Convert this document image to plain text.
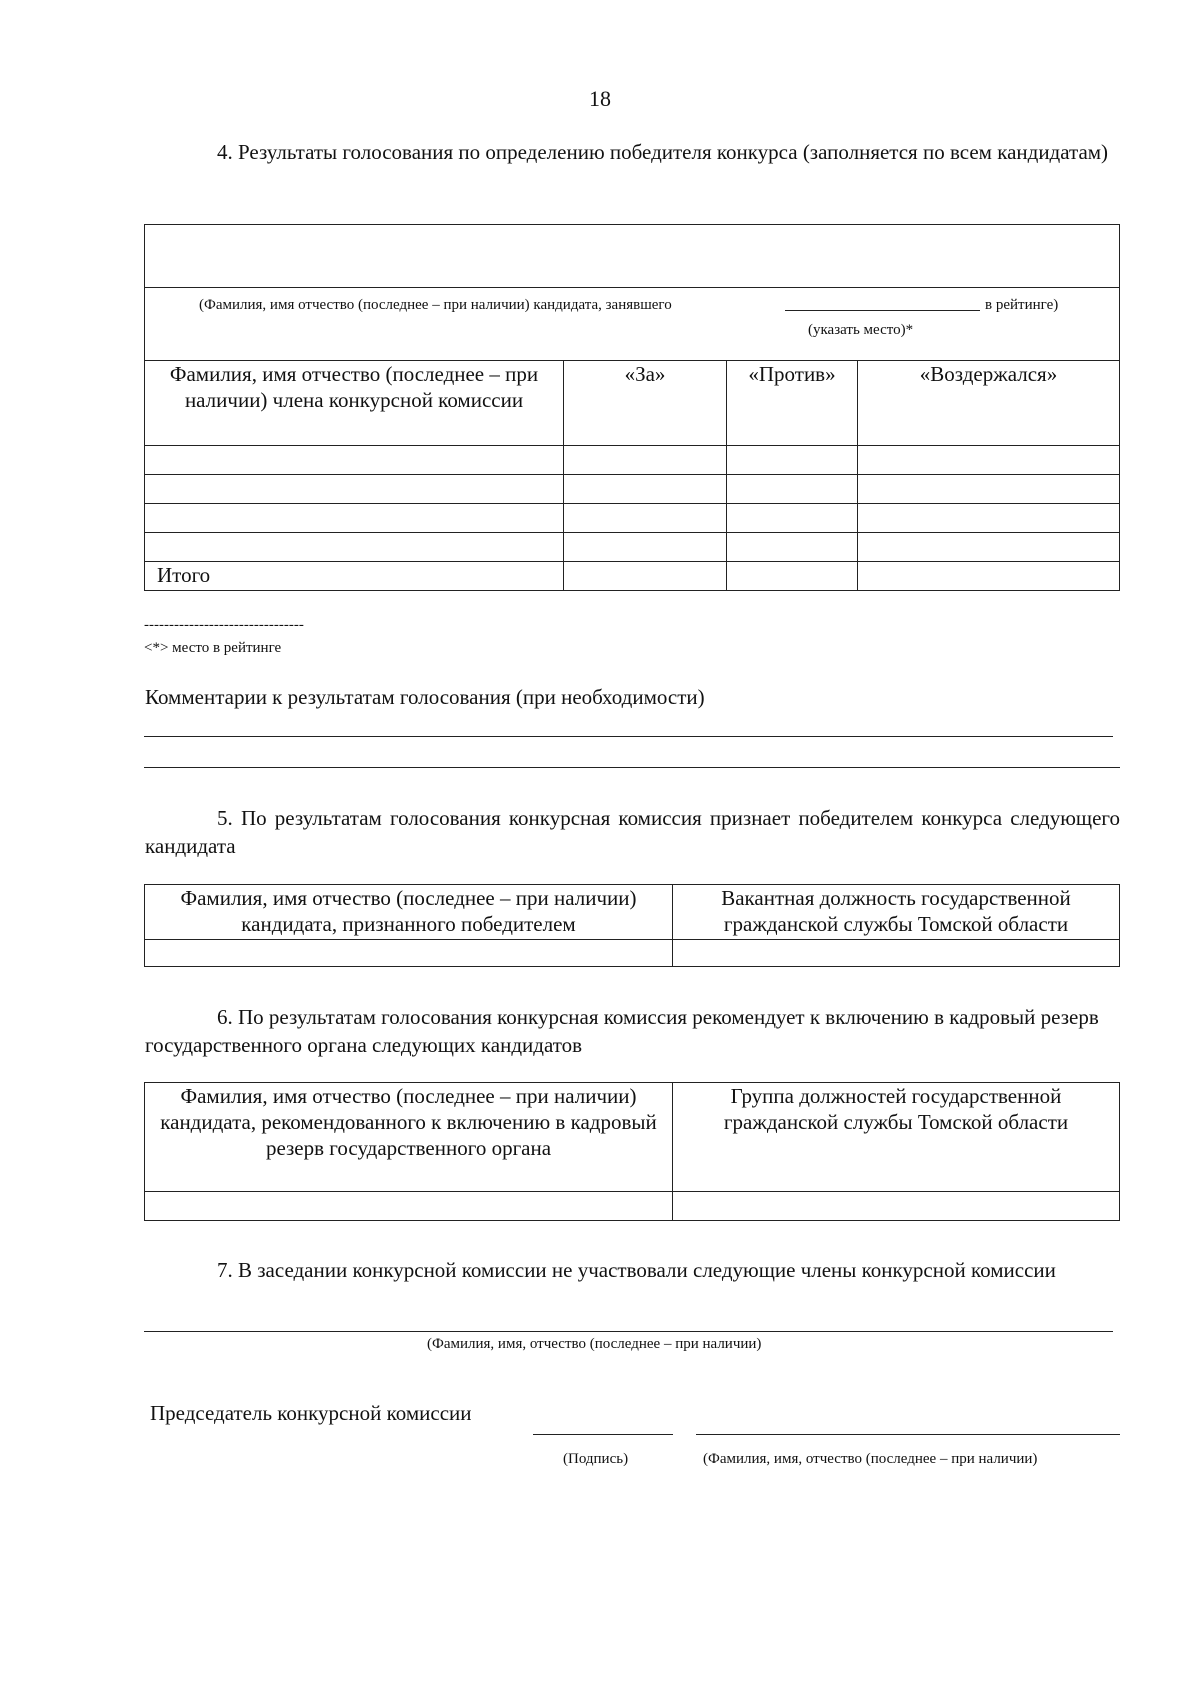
18
4. Результаты голосования по определению победителя конкурса (заполняется по всем кандидатам)

(Фамилия, имя отчество (последнее – при наличии) кандидата, занявшего в рейтинге)
(указать место)*			

Фамилия, имя отчество (последнее – при наличии) члена конкурсной комиссии	«За»	«Против»	«Воздержался»

Итого			
--------------------------------
<*> место в рейтинге
Комментарии к результатам голосования (при необходимости)
5. По результатам голосования конкурсная комиссия признает победителем конкурса следующего кандидата
Фамилия, имя отчество (последнее – при наличии) кандидата, признанного победителем	Вакантная должность государственной гражданской службы Томской области

6. По результатам голосования конкурсная комиссия рекомендует к включению в кадровый резерв государственного органа следующих кандидатов
Фамилия, имя отчество (последнее – при наличии) кандидата, рекомендованного к включению в кадровый резерв государственного органа	Группа должностей государственной гражданской службы Томской области

7. В заседании конкурсной комиссии не участвовали следующие члены конкурсной комиссии
(Фамилия, имя, отчество (последнее – при наличии)
Председатель конкурсной комиссии
(Подпись)	(Фамилия, имя, отчество (последнее – при наличии)
